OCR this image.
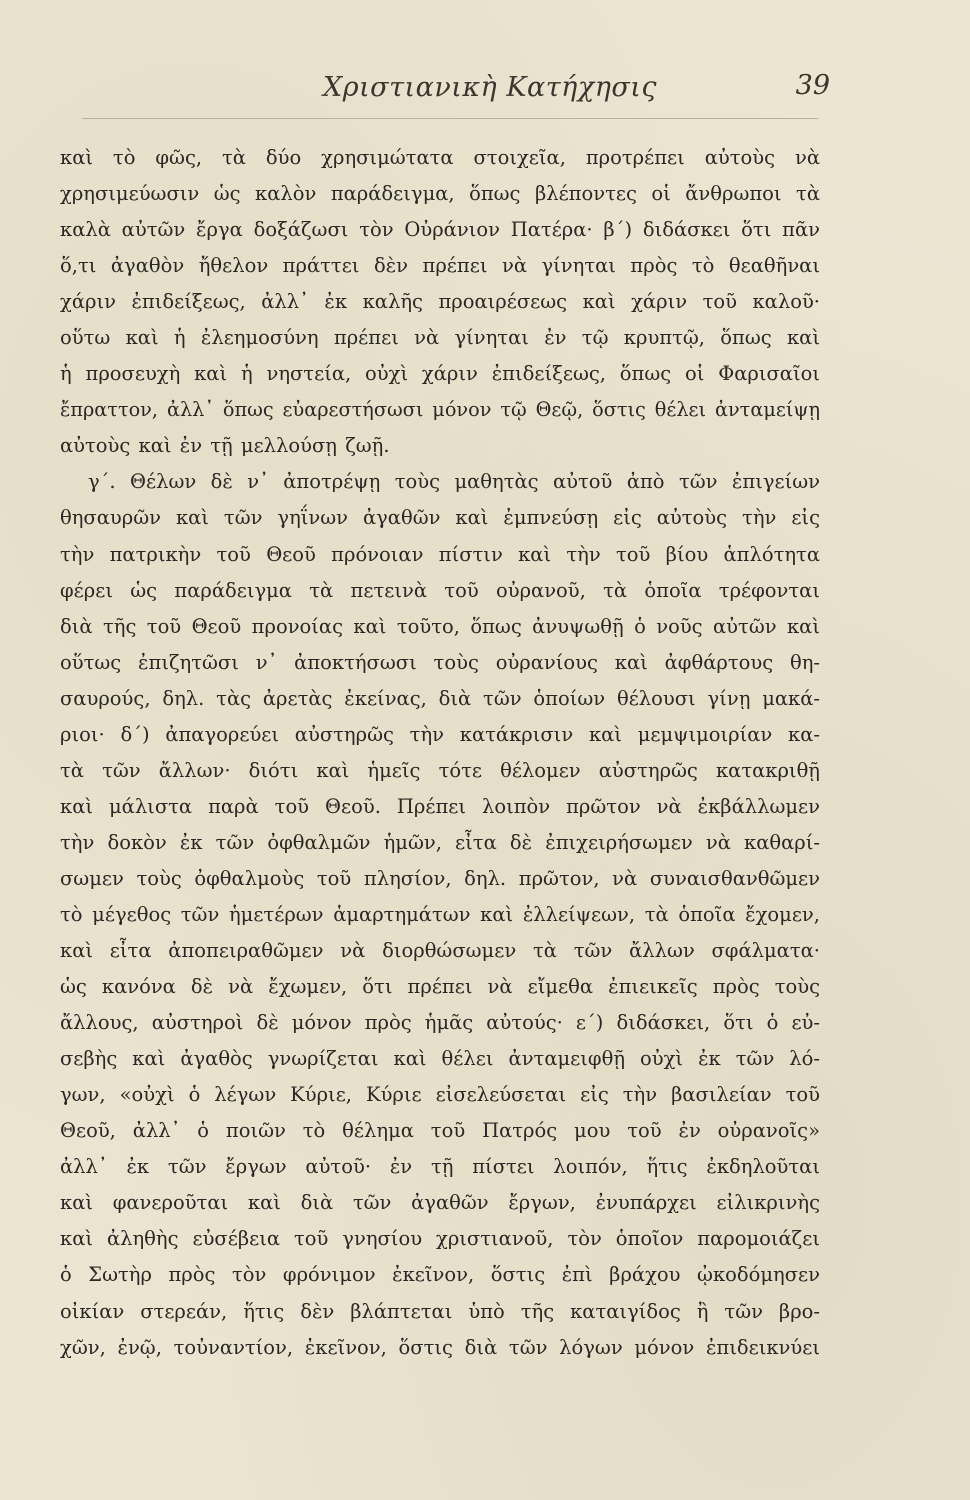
Χριστιανικὴ Κατήχησις	39
καὶ τὸ φῶς, τὰ δύο χρησιμώτατα στοιχεῖα, προτρέπει αὐτοὺς νὰ
χρησιμεύωσιν ὡς καλὸν παράδειγμα, ὅπως βλέποντες οἱ ἄνθρωποι τὰ
καλὰ αὐτῶν ἔργα δοξάζωσι τὸν Οὐράνιον Πατέρα· β΄) διδάσκει ὅτι πᾶν
ὅ,τι ἀγαθὸν ἤθελον πράττει δὲν πρέπει νὰ γίνηται πρὸς τὸ θεαθῆναι
χάριν ἐπιδείξεως, ἀλλ᾽ ἐκ καλῆς προαιρέσεως καὶ χάριν τοῦ καλοῦ·
οὕτω καὶ ἡ ἐλεημοσύνη πρέπει νὰ γίνηται ἐν τῷ κρυπτῷ, ὅπως καὶ
ἡ προσευχὴ καὶ ἡ νηστεία, οὐχὶ χάριν ἐπιδείξεως, ὅπως οἱ Φαρισαῖοι
ἔπραττον, ἀλλ᾽ ὅπως εὐαρεστήσωσι μόνον τῷ Θεῷ, ὅστις θέλει ἀνταμείψῃ
αὐτοὺς καὶ ἐν τῇ μελλούσῃ ζωῇ.
γ΄. Θέλων δὲ ν᾽ ἀποτρέψῃ τοὺς μαθητὰς αὐτοῦ ἀπὸ τῶν ἐπιγείων
θησαυρῶν καὶ τῶν γηΐνων ἀγαθῶν καὶ ἐμπνεύσῃ εἰς αὐτοὺς τὴν εἰς
τὴν πατρικὴν τοῦ Θεοῦ πρόνοιαν πίστιν καὶ τὴν τοῦ βίου ἁπλότητα
φέρει ὡς παράδειγμα τὰ πετεινὰ τοῦ οὐρανοῦ, τὰ ὁποῖα τρέφονται
διὰ τῆς τοῦ Θεοῦ προνοίας καὶ τοῦτο, ὅπως ἀνυψωθῇ ὁ νοῦς αὐτῶν καὶ
οὕτως ἐπιζητῶσι ν᾽ ἀποκτήσωσι τοὺς οὐρανίους καὶ ἀφθάρτους θη-
σαυρούς, δηλ. τὰς ἀρετὰς ἐκείνας, διὰ τῶν ὁποίων θέλουσι γίνῃ μακά-
ριοι· δ΄) ἀπαγορεύει αὐστηρῶς τὴν κατάκρισιν καὶ μεμψιμοιρίαν κα-
τὰ τῶν ἄλλων· διότι καὶ ἡμεῖς τότε θέλομεν αὐστηρῶς κατακριθῇ
καὶ μάλιστα παρὰ τοῦ Θεοῦ. Πρέπει λοιπὸν πρῶτον νὰ ἐκβάλλωμεν
τὴν δοκὸν ἐκ τῶν ὀφθαλμῶν ἡμῶν, εἶτα δὲ ἐπιχειρήσωμεν νὰ καθαρί-
σωμεν τοὺς ὀφθαλμοὺς τοῦ πλησίον, δηλ. πρῶτον, νὰ συναισθανθῶμεν
τὸ μέγεθος τῶν ἡμετέρων ἁμαρτημάτων καὶ ἐλλείψεων, τὰ ὁποῖα ἔχομεν,
καὶ εἶτα ἀποπειραθῶμεν νὰ διορθώσωμεν τὰ τῶν ἄλλων σφάλματα·
ὡς κανόνα δὲ νὰ ἔχωμεν, ὅτι πρέπει νὰ εἴμεθα ἐπιεικεῖς πρὸς τοὺς
ἄλλους, αὐστηροὶ δὲ μόνον πρὸς ἡμᾶς αὐτούς· ε΄) διδάσκει, ὅτι ὁ εὐ-
σεβὴς καὶ ἀγαθὸς γνωρίζεται καὶ θέλει ἀνταμειφθῇ οὐχὶ ἐκ τῶν λό-
γων, «οὐχὶ ὁ λέγων Κύριε, Κύριε εἰσελεύσεται εἰς τὴν βασιλείαν τοῦ
Θεοῦ, ἀλλ᾽ ὁ ποιῶν τὸ θέλημα τοῦ Πατρός μου τοῦ ἐν οὐρανοῖς»
ἀλλ᾽ ἐκ τῶν ἔργων αὐτοῦ· ἐν τῇ πίστει λοιπόν, ἥτις ἐκδηλοῦται
καὶ φανεροῦται καὶ διὰ τῶν ἀγαθῶν ἔργων, ἐνυπάρχει εἰλικρινὴς
καὶ ἀληθὴς εὐσέβεια τοῦ γνησίου χριστιανοῦ, τὸν ὁποῖον παρομοιάζει
ὁ Σωτὴρ πρὸς τὸν φρόνιμον ἐκεῖνον, ὅστις ἐπὶ βράχου ᾠκοδόμησεν
οἰκίαν στερεάν, ἥτις δὲν βλάπτεται ὑπὸ τῆς καταιγίδος ἢ τῶν βρο-
χῶν, ἐνῷ, τοὐναντίον, ἐκεῖνον, ὅστις διὰ τῶν λόγων μόνον ἐπιδεικνύει
